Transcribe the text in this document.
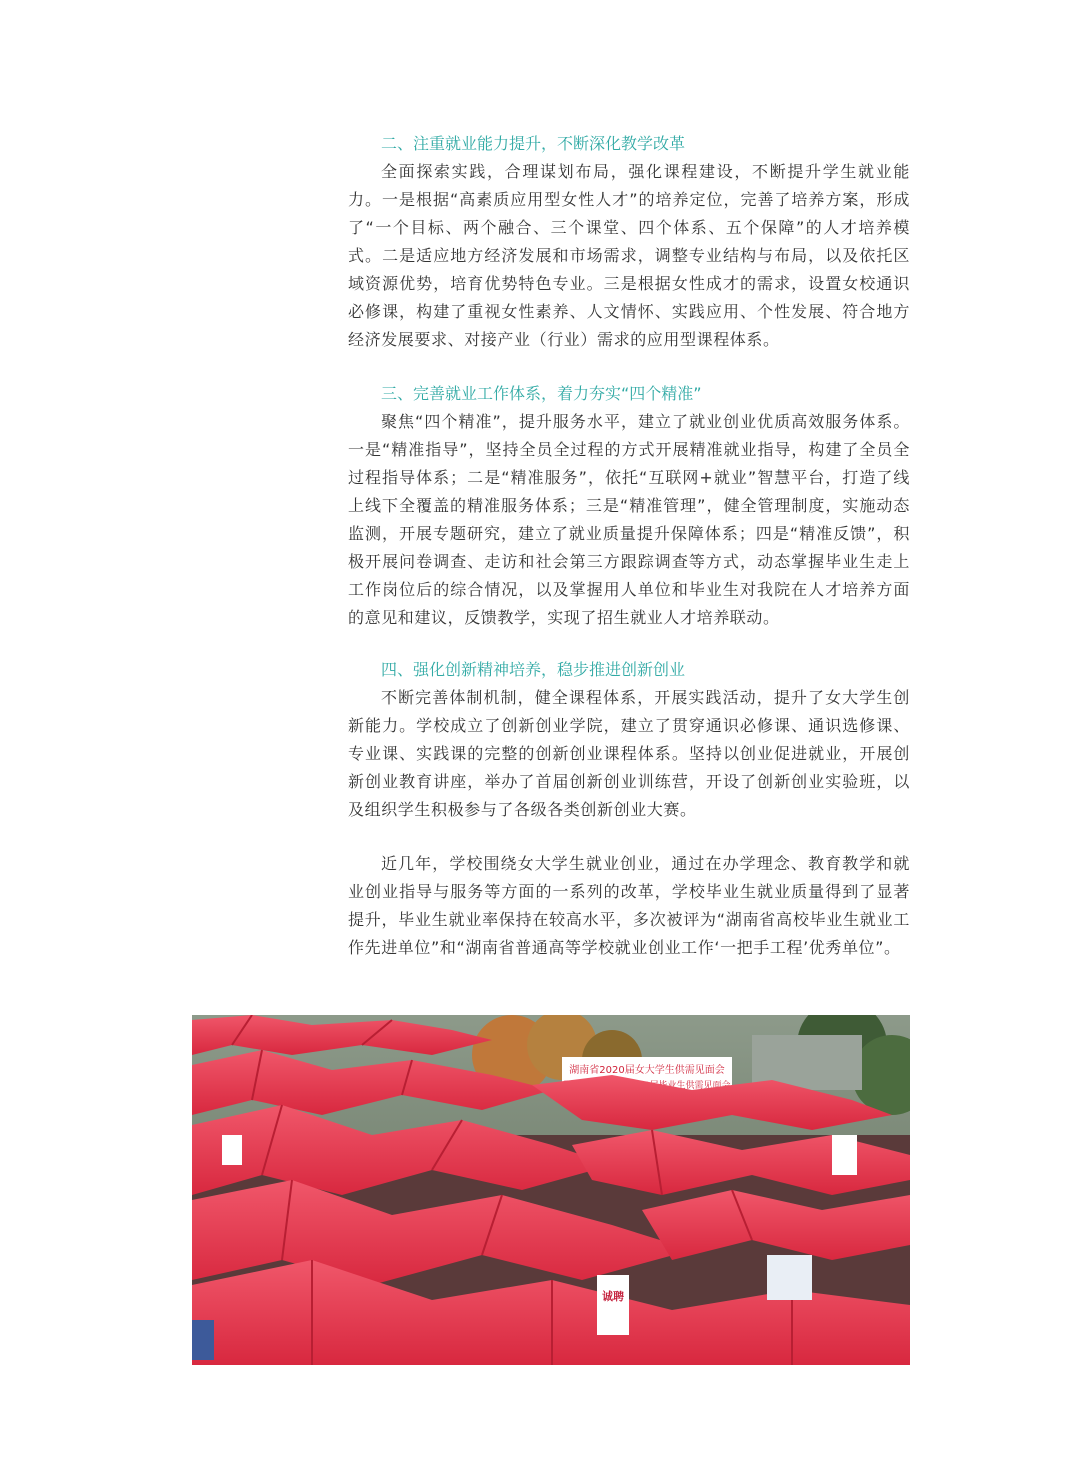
二、注重就业能力提升，不断深化教学改革

全面探索实践，合理谋划布局，强化课程建设，不断提升学生就业能力。一是根据“高素质应用型女性人才”的培养定位，完善了培养方案，形成了“一个目标、两个融合、三个课堂、四个体系、五个保障”的人才培养模式。二是适应地方经济发展和市场需求，调整专业结构与布局，以及依托区域资源优势，培育优势特色专业。三是根据女性成才的需求，设置女校通识必修课，构建了重视女性素养、人文情怀、实践应用、个性发展、符合地方经济发展要求、对接产业（行业）需求的应用型课程体系。

三、完善就业工作体系，着力夯实“四个精准”

聚焦“四个精准”，提升服务水平，建立了就业创业优质高效服务体系。一是“精准指导”，坚持全员全过程的方式开展精准就业指导，构建了全员全过程指导体系；二是“精准服务”，依托“互联网+就业”智慧平台，打造了线上线下全覆盖的精准服务体系；三是“精准管理”，健全管理制度，实施动态监测，开展专题研究，建立了就业质量提升保障体系；四是“精准反馈”，积极开展问卷调查、走访和社会第三方跟踪调查等方式，动态掌握毕业生走上工作岗位后的综合情况，以及掌握用人单位和毕业生对我院在人才培养方面的意见和建议，反馈教学，实现了招生就业人才培养联动。

四、强化创新精神培养，稳步推进创新创业

不断完善体制机制，健全课程体系，开展实践活动，提升了女大学生创新能力。学校成立了创新创业学院，建立了贯穿通识必修课、通识选修课、专业课、实践课的完整的创新创业课程体系。坚持以创业促进就业，开展创新创业教育讲座，举办了首届创新创业训练营，开设了创新创业实验班，以及组织学生积极参与了各级各类创新创业大赛。

近几年，学校围绕女大学生就业创业，通过在办学理念、教育教学和就业创业指导与服务等方面的一系列的改革，学校毕业生就业质量得到了显著提升，毕业生就业率保持在较高水平，多次被评为“湖南省高校毕业生就业工作先进单位”和“湖南省普通高等学校就业创业工作‘一把手工程’优秀单位”。

湖南省2020届女大学生供需见面会
诚聘
